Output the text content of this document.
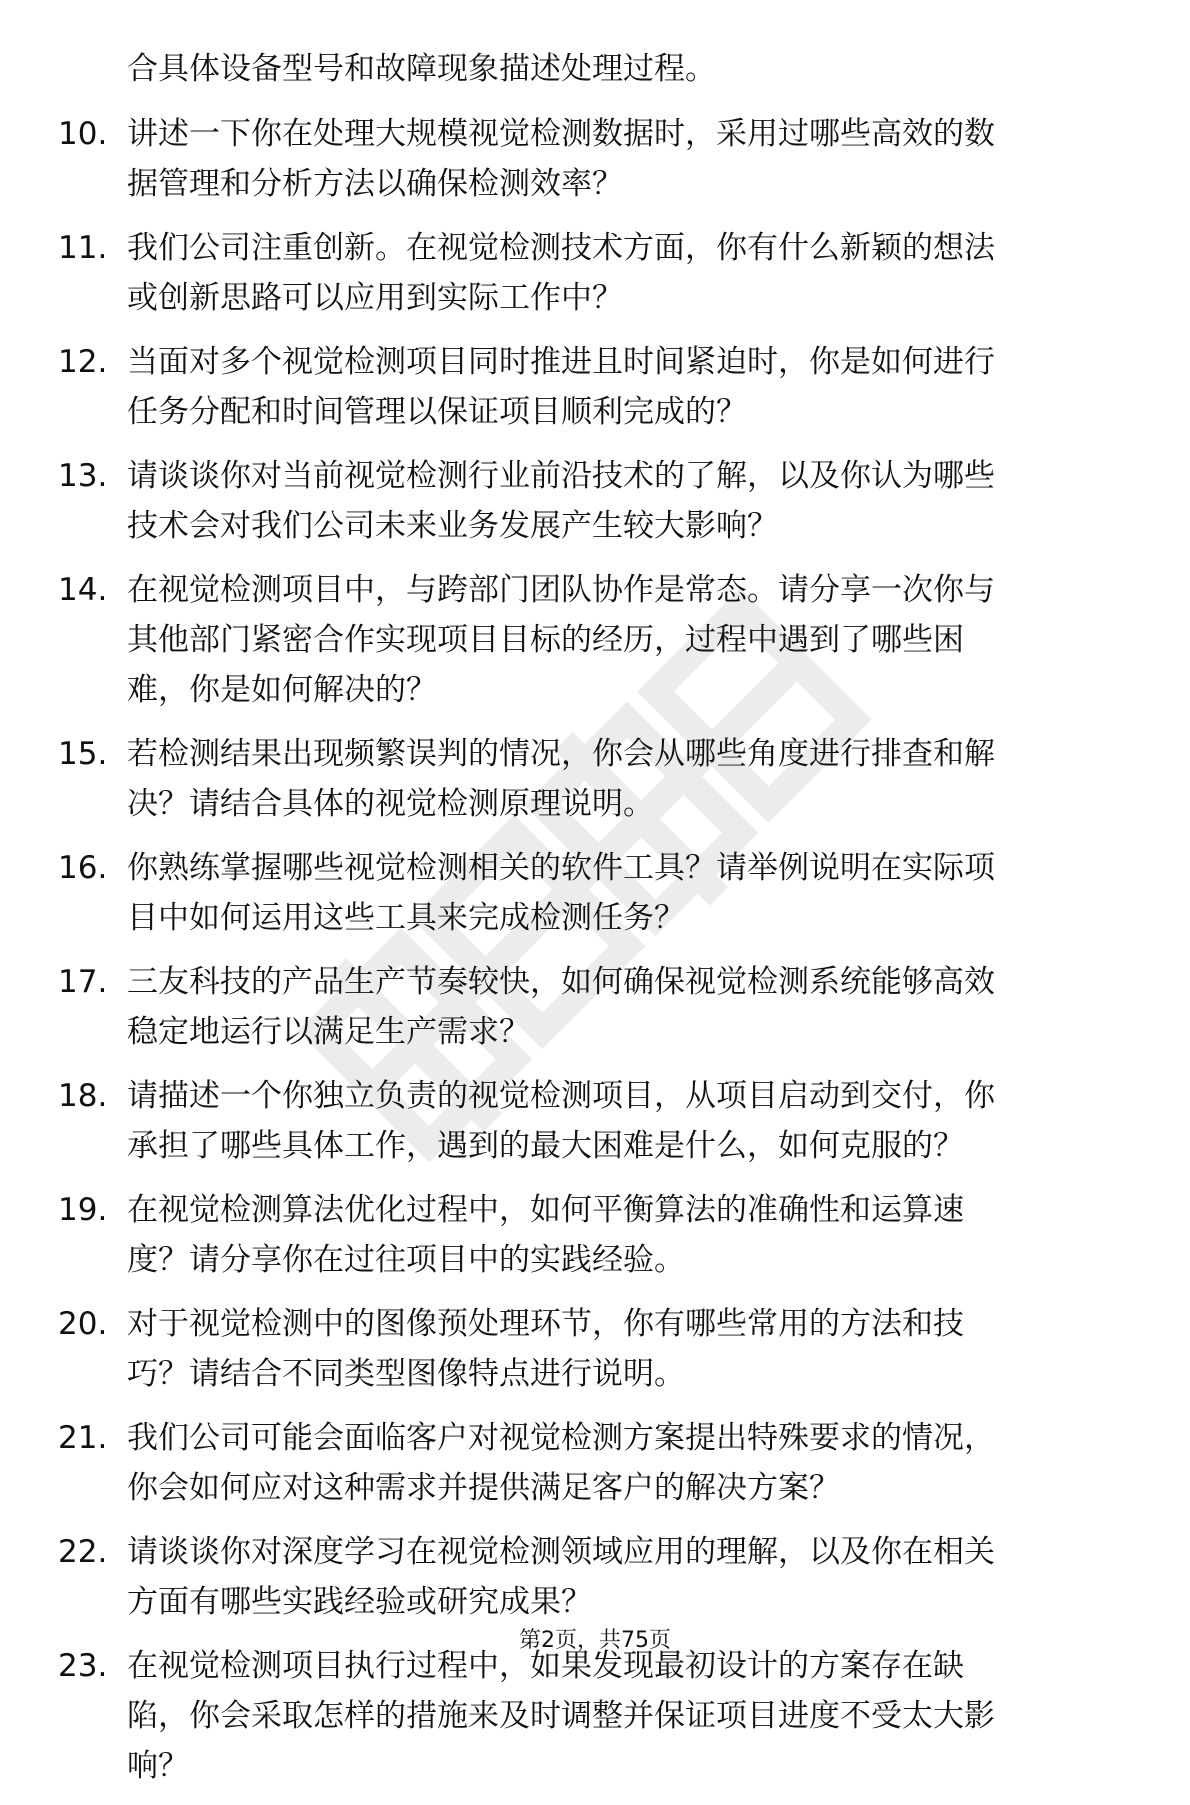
合具体设备型号和故障现象描述处理过程。
10. 讲述一下你在处理大规模视觉检测数据时，采用过哪些高效的数
据管理和分析方法以确保检测效率？
11. 我们公司注重创新。在视觉检测技术方面，你有什么新颖的想法
或创新思路可以应用到实际工作中？
12. 当面对多个视觉检测项目同时推进且时间紧迫时，你是如何进行
任务分配和时间管理以保证项目顺利完成的？
13. 请谈谈你对当前视觉检测行业前沿技术的了解，以及你认为哪些
技术会对我们公司未来业务发展产生较大影响？
14. 在视觉检测项目中，与跨部门团队协作是常态。请分享一次你与
其他部门紧密合作实现项目目标的经历，过程中遇到了哪些困
难，你是如何解决的？
15. 若检测结果出现频繁误判的情况，你会从哪些角度进行排查和解
决？请结合具体的视觉检测原理说明。
16. 你熟练掌握哪些视觉检测相关的软件工具？请举例说明在实际项
目中如何运用这些工具来完成检测任务？
17. 三友科技的产品生产节奏较快，如何确保视觉检测系统能够高效
稳定地运行以满足生产需求？
18. 请描述一个你独立负责的视觉检测项目，从项目启动到交付，你
承担了哪些具体工作，遇到的最大困难是什么，如何克服的？
19. 在视觉检测算法优化过程中，如何平衡算法的准确性和运算速
度？请分享你在过往项目中的实践经验。
20. 对于视觉检测中的图像预处理环节，你有哪些常用的方法和技
巧？请结合不同类型图像特点进行说明。
21. 我们公司可能会面临客户对视觉检测方案提出特殊要求的情况，
你会如何应对这种需求并提供满足客户的解决方案？
22. 请谈谈你对深度学习在视觉检测领域应用的理解，以及你在相关
方面有哪些实践经验或研究成果？
23. 在视觉检测项目执行过程中，如果发现最初设计的方案存在缺
陷，你会采取怎样的措施来及时调整并保证项目进度不受太大影
响？
第2页，共75页
